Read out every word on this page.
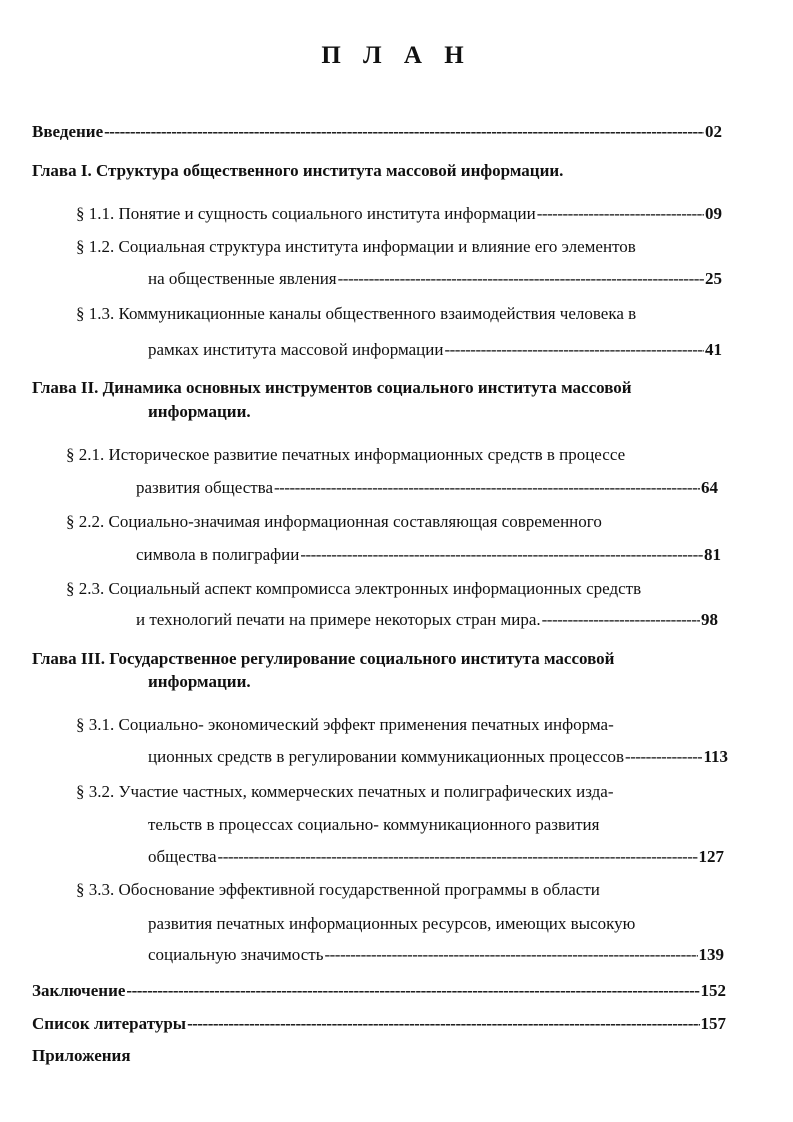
П Л А Н
Введение -----	02
Глава I. Структура общественного института массовой информации.
§ 1.1. Понятие и сущность социального института информации -----	09
§ 1.2. Социальная структура института информации и влияние его элементов
на общественные явления -----	25
§ 1.3. Коммуникационные каналы общественного взаимодействия человека в
рамках института массовой информации -----	41
Глава II. Динамика основных инструментов социального института массовой
информации.
§ 2.1. Историческое развитие печатных информационных средств в процессе
развития общества -----	64
§ 2.2. Социально-значимая информационная составляющая современного
символа в полиграфии -----	81
§ 2.3. Социальный аспект компромисса электронных информационных средств
и технологий печати на примере некоторых стран мира. -----	98
Глава III. Государственное регулирование социального института массовой
информации.
§ 3.1. Социально- экономический эффект применения печатных информа-
ционных средств в регулировании коммуникационных процессов -----	113
§ 3.2. Участие частных, коммерческих печатных и полиграфических изда-
тельств в процессах социально- коммуникационного развития
общества -----	127
§ 3.3. Обоснование эффективной государственной программы в области
развития печатных информационных ресурсов, имеющих высокую
социальную значимость -----	139
Заключение -----	152
Список литературы -----	157
Приложения
